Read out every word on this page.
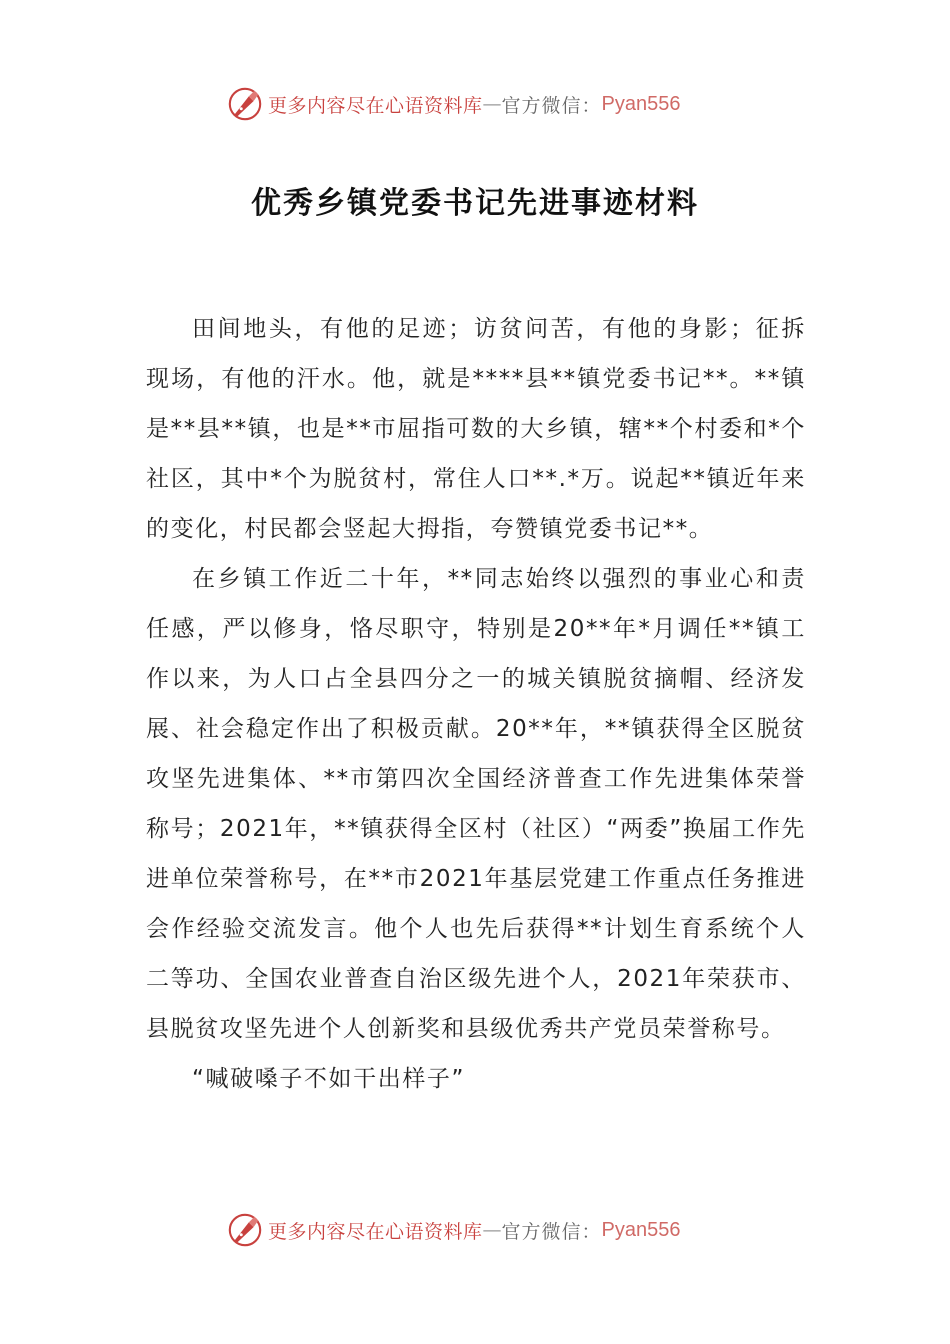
更多内容尽在心语资料库 — 官方微信： Pyan556
优秀乡镇党委书记先进事迹材料

田间地头，有他的足迹；访贫问苦，有他的身影；征拆现场，有他的汗水。他，就是****县**镇党委书记**。**镇是**县**镇，也是**市屈指可数的大乡镇，辖**个村委和*个社区，其中*个为脱贫村，常住人口**.*万。说起**镇近年来的变化，村民都会竖起大拇指，夸赞镇党委书记**。

在乡镇工作近二十年，**同志始终以强烈的事业心和责任感，严以修身，恪尽职守，特别是20**年*月调任**镇工作以来，为人口占全县四分之一的城关镇脱贫摘帽、经济发展、社会稳定作出了积极贡献。20**年，**镇获得全区脱贫攻坚先进集体、**市第四次全国经济普查工作先进集体荣誉称号；2021年，**镇获得全区村（社区）“两委”换届工作先进单位荣誉称号，在**市2021年基层党建工作重点任务推进会作经验交流发言。他个人也先后获得**计划生育系统个人二等功、全国农业普查自治区级先进个人，2021年荣获市、县脱贫攻坚先进个人创新奖和县级优秀共产党员荣誉称号。

“喊破嗓子不如干出样子”

更多内容尽在心语资料库 — 官方微信： Pyan556
